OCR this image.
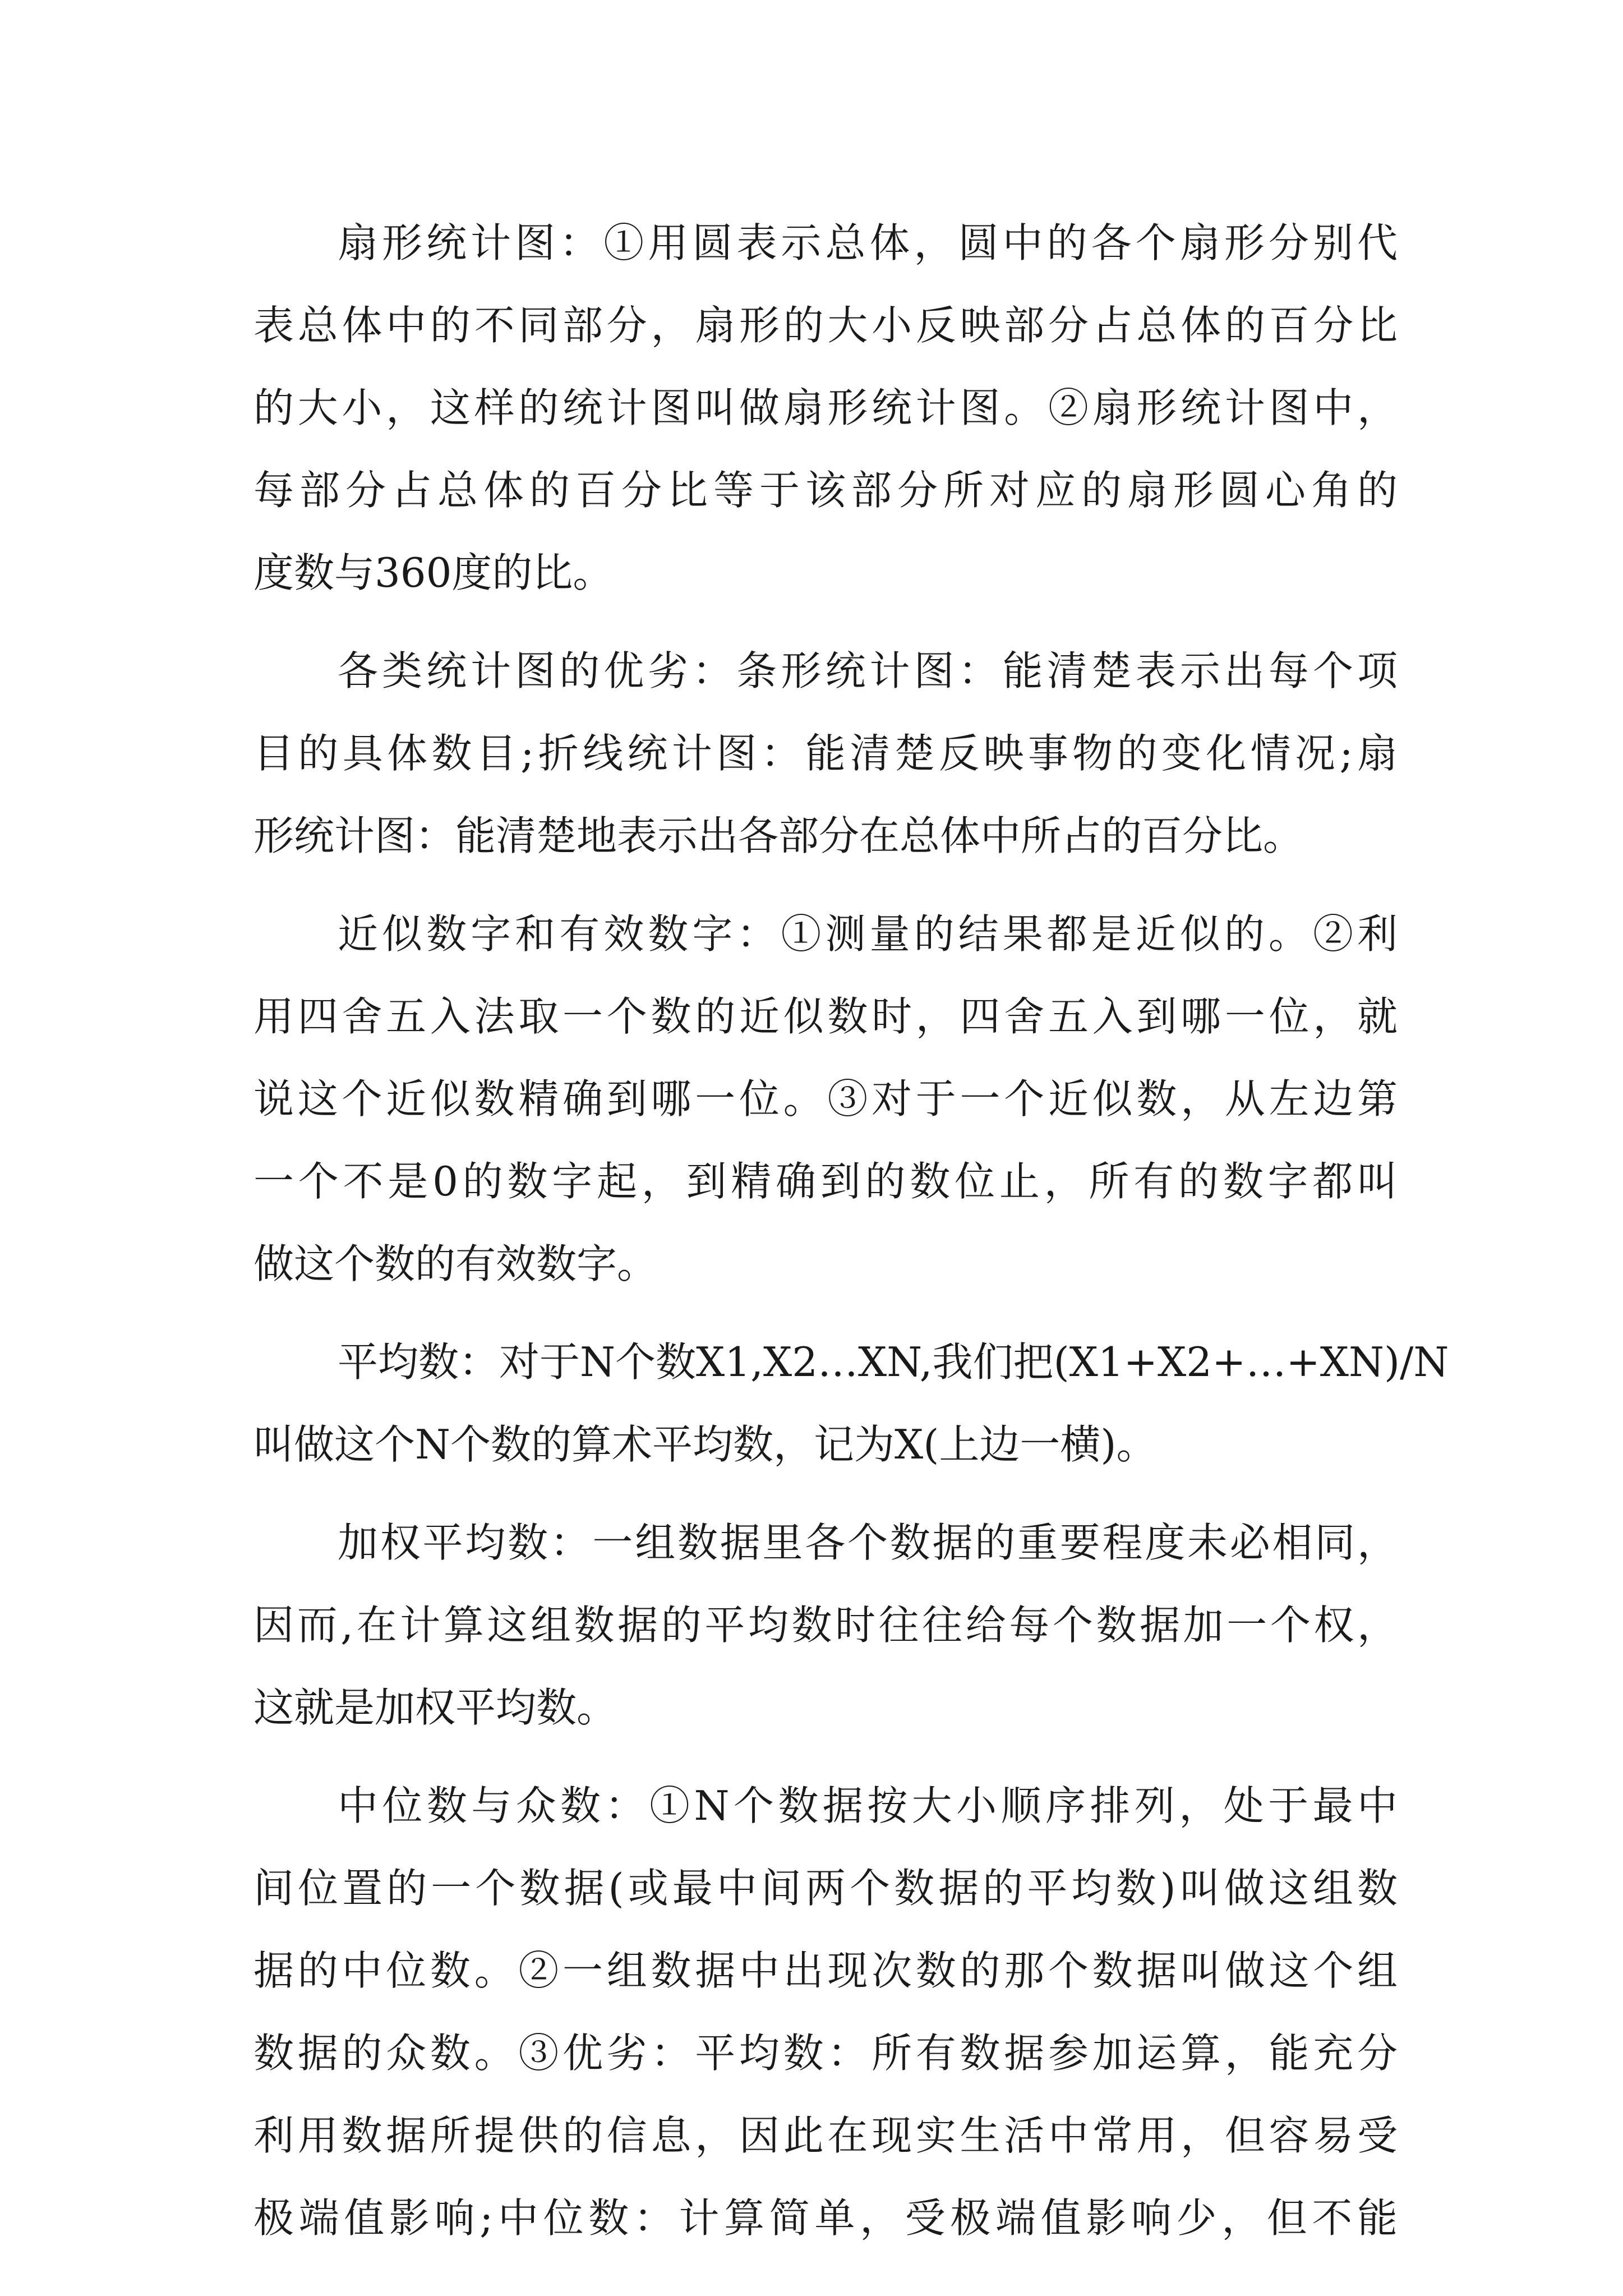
扇形统计图：①用圆表示总体，圆中的各个扇形分别代
表总体中的不同部分，扇形的大小反映部分占总体的百分比
的大小，这样的统计图叫做扇形统计图。②扇形统计图中，
每部分占总体的百分比等于该部分所对应的扇形圆心角的
度数与360度的比。
各类统计图的优劣：条形统计图：能清楚表示出每个项
目的具体数目;折线统计图：能清楚反映事物的变化情况;扇
形统计图：能清楚地表示出各部分在总体中所占的百分比。
近似数字和有效数字：①测量的结果都是近似的。②利
用四舍五入法取一个数的近似数时，四舍五入到哪一位，就
说这个近似数精确到哪一位。③对于一个近似数，从左边第
一个不是0的数字起，到精确到的数位止，所有的数字都叫
做这个数的有效数字。
平均数：对于N个数X1,X2…XN,我们把(X1+X2+…+XN)/N
叫做这个N个数的算术平均数，记为X(上边一横)。
加权平均数：一组数据里各个数据的重要程度未必相同，
因而,在计算这组数据的平均数时往往给每个数据加一个权，
这就是加权平均数。
中位数与众数：①N个数据按大小顺序排列，处于最中
间位置的一个数据(或最中间两个数据的平均数)叫做这组数
据的中位数。②一组数据中出现次数的那个数据叫做这个组
数据的众数。③优劣：平均数：所有数据参加运算，能充分
利用数据所提供的信息，因此在现实生活中常用，但容易受
极端值影响;中位数：计算简单，受极端值影响少，但不能
